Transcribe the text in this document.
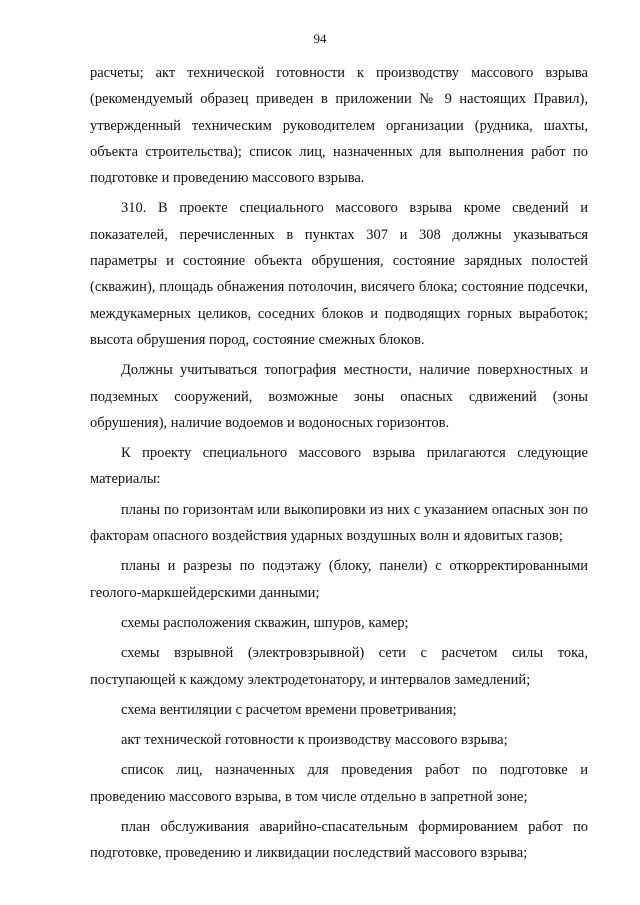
94

расчеты; акт технической готовности к производству массового взрыва (рекомендуемый образец приведен в приложении № 9 настоящих Правил), утвержденный техническим руководителем организации (рудника, шахты, объекта строительства); список лиц, назначенных для выполнения работ по подготовке и проведению массового взрыва.

310. В проекте специального массового взрыва кроме сведений и показателей, перечисленных в пунктах 307 и 308 должны указываться параметры и состояние объекта обрушения, состояние зарядных полостей (скважин), площадь обнажения потолочин, висячего блока; состояние подсечки, междукамерных целиков, соседних блоков и подводящих горных выработок; высота обрушения пород, состояние смежных блоков.

Должны учитываться топография местности, наличие поверхностных и подземных сооружений, возможные зоны опасных сдвижений (зоны обрушения), наличие водоемов и водоносных горизонтов.

К проекту специального массового взрыва прилагаются следующие материалы:

планы по горизонтам или выкопировки из них с указанием опасных зон по факторам опасного воздействия ударных воздушных волн и ядовитых газов;

планы и разрезы по подэтажу (блоку, панели) с откорректированными геолого-маркшейдерскими данными;

схемы расположения скважин, шпуров, камер;

схемы взрывной (электровзрывной) сети с расчетом силы тока, поступающей к каждому электродетонатору, и интервалов замедлений;

схема вентиляции с расчетом времени проветривания;

акт технической готовности к производству массового взрыва;

список лиц, назначенных для проведения работ по подготовке и проведению массового взрыва, в том числе отдельно в запретной зоне;

план обслуживания аварийно-спасательным формированием работ по подготовке, проведению и ликвидации последствий массового взрыва;
